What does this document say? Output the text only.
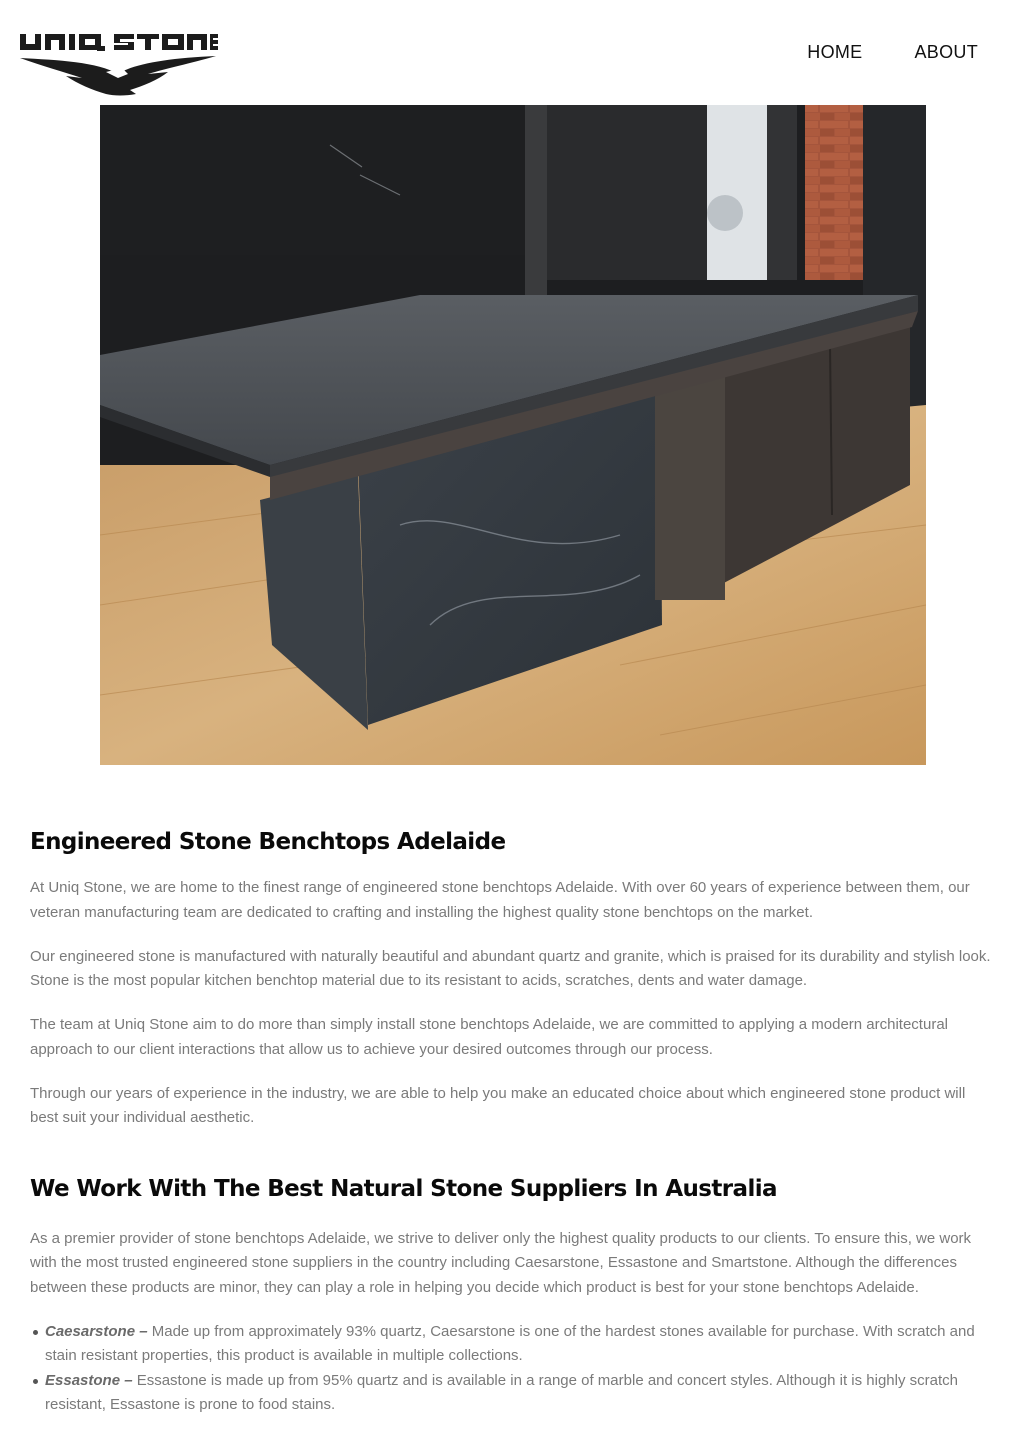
HOME	ABOUT
Engineered Stone Benchtops Adelaide

At Uniq Stone, we are home to the finest range of engineered stone benchtops Adelaide. With over 60 years of experience between them, our veteran manufacturing team are dedicated to crafting and installing the highest quality stone benchtops on the market.

Our engineered stone is manufactured with naturally beautiful and abundant quartz and granite, which is praised for its durability and stylish look. Stone is the most popular kitchen benchtop material due to its resistant to acids, scratches, dents and water damage.

The team at Uniq Stone aim to do more than simply install stone benchtops Adelaide, we are committed to applying a modern architectural approach to our client interactions that allow us to achieve your desired outcomes through our process.

Through our years of experience in the industry, we are able to help you make an educated choice about which engineered stone product will best suit your individual aesthetic.

We Work With The Best Natural Stone Suppliers In Australia

As a premier provider of stone benchtops Adelaide, we strive to deliver only the highest quality products to our clients. To ensure this, we work with the most trusted engineered stone suppliers in the country including Caesarstone, Essastone and Smartstone. Although the differences between these products are minor, they can play a role in helping you decide which product is best for your stone benchtops Adelaide.

Caesarstone – Made up from approximately 93% quartz, Caesarstone is one of the hardest stones available for purchase. With scratch and stain resistant properties, this product is available in multiple collections.
Essastone – Essastone is made up from 95% quartz and is available in a range of marble and concert styles. Although it is highly scratch resistant, Essastone is prone to food stains.
